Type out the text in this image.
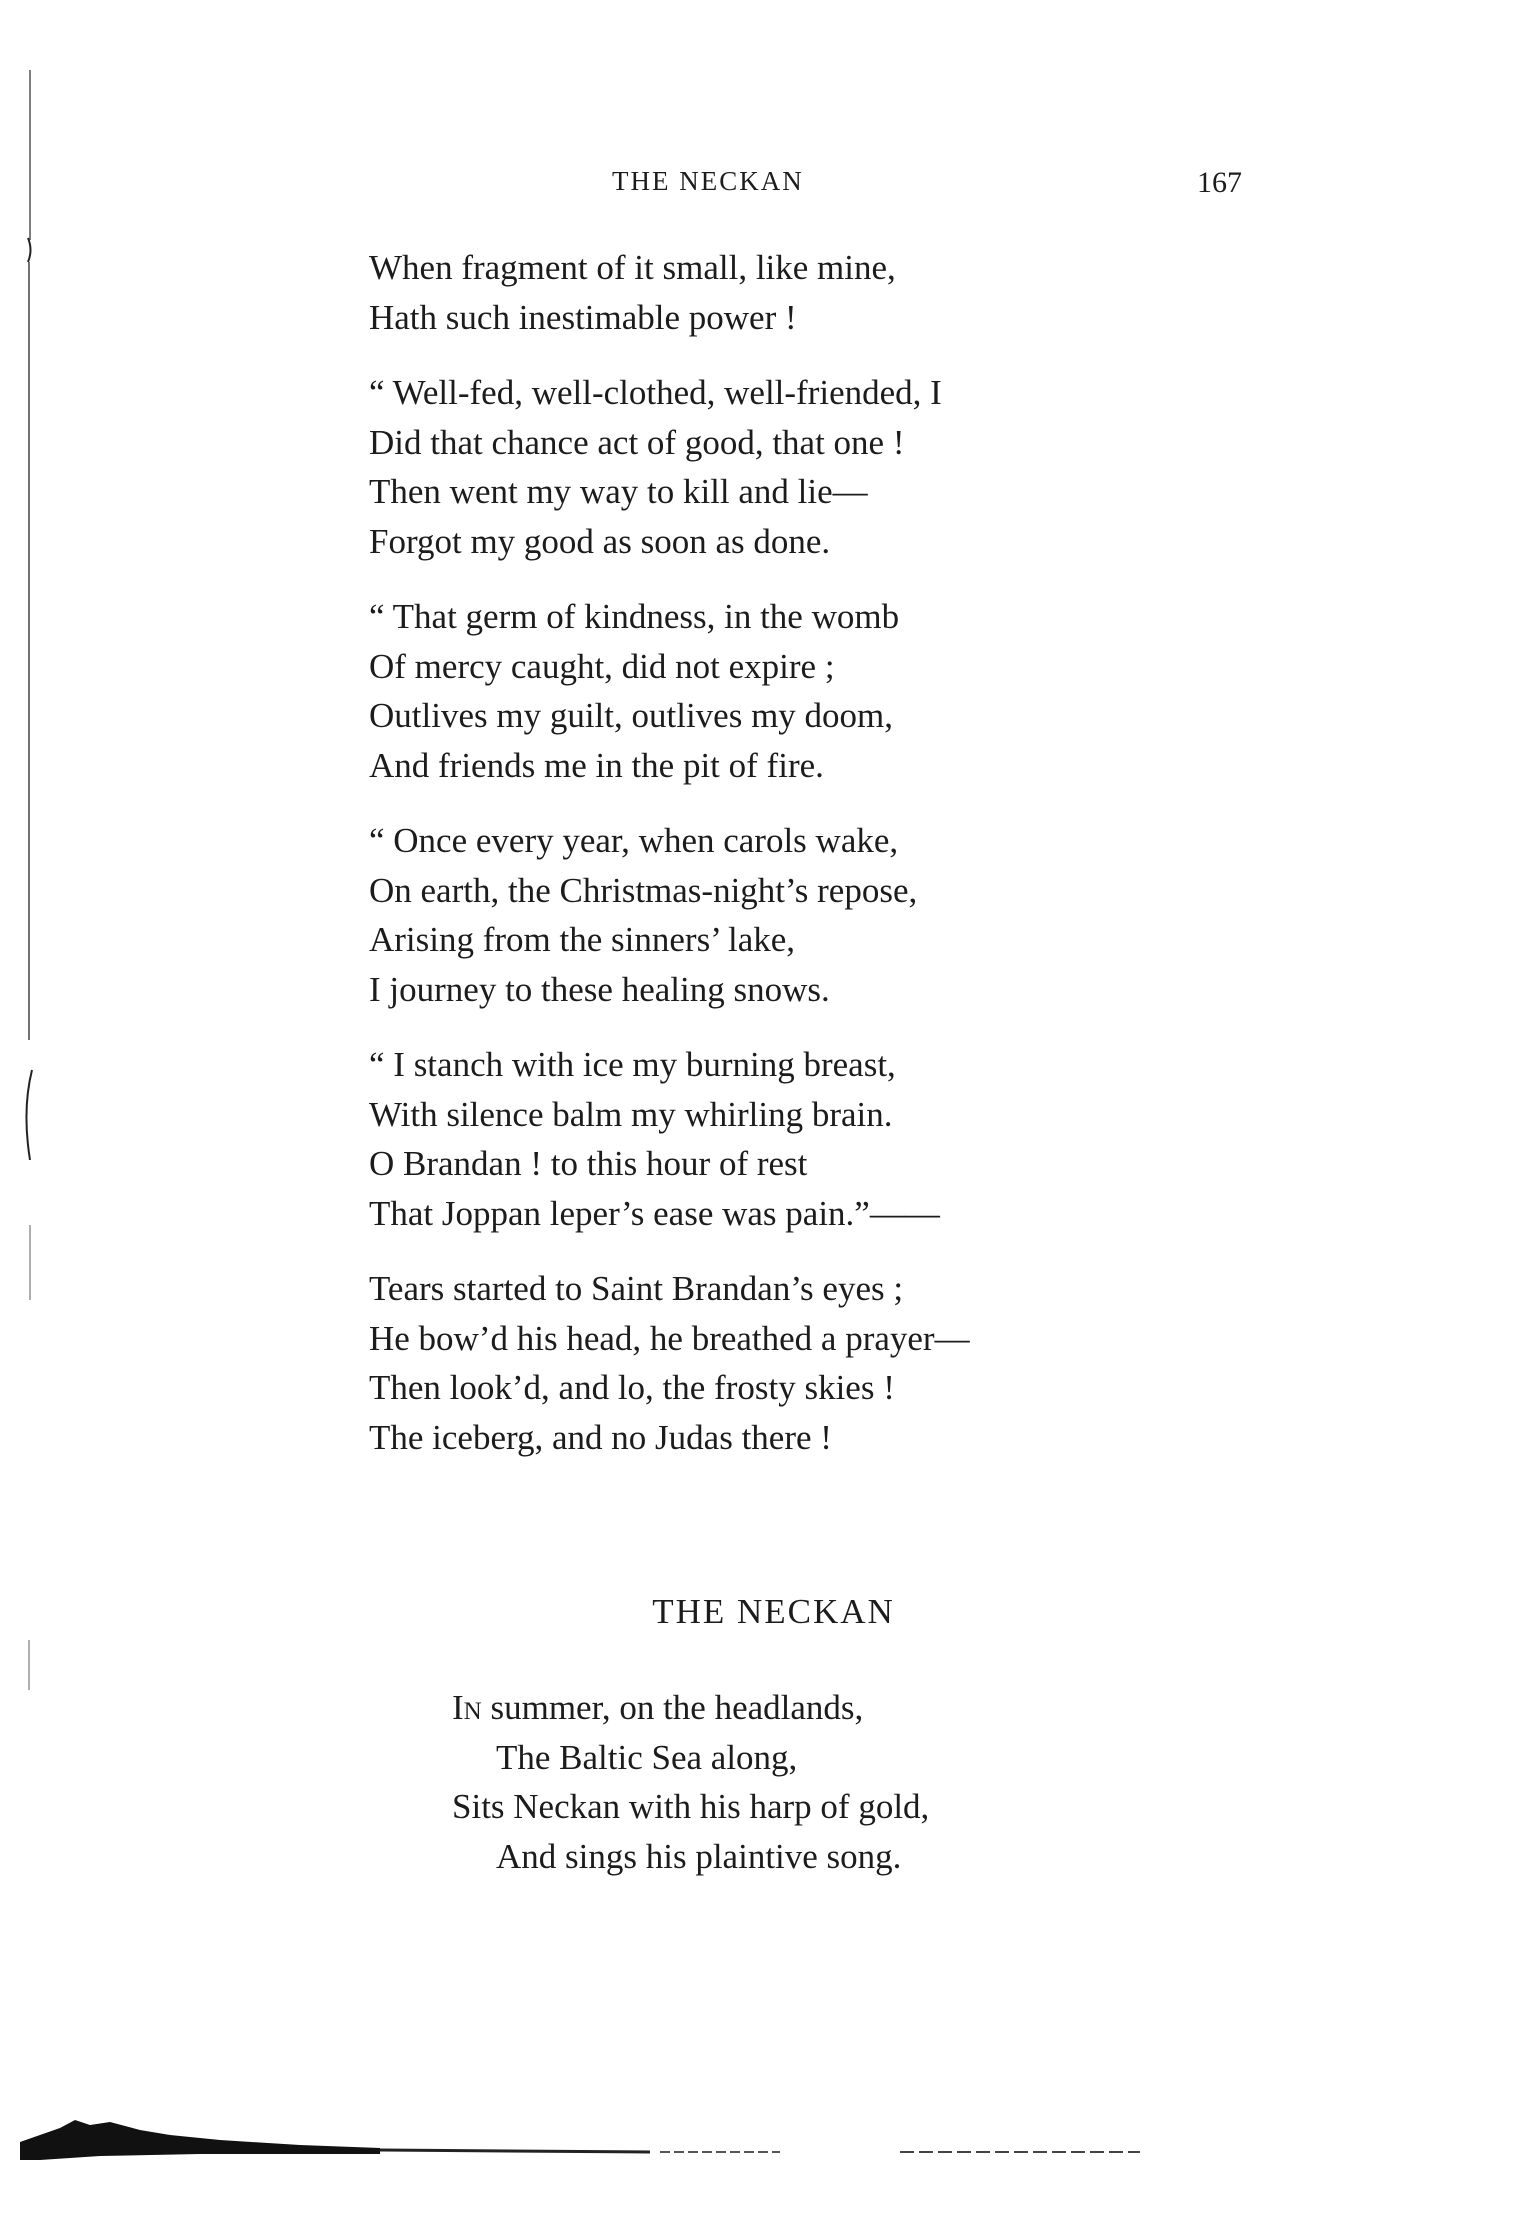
THE NECKAN	167
When fragment of it small, like mine,
Hath such inestimable power !
“ Well-fed, well-clothed, well-friended, I
Did that chance act of good, that one !
Then went my way to kill and lie—
Forgot my good as soon as done.
“ That germ of kindness, in the womb
Of mercy caught, did not expire ;
Outlives my guilt, outlives my doom,
And friends me in the pit of fire.
“ Once every year, when carols wake,
On earth, the Christmas-night’s repose,
Arising from the sinners’ lake,
I journey to these healing snows.
“ I stanch with ice my burning breast,
With silence balm my whirling brain.
O Brandan ! to this hour of rest
That Joppan leper’s ease was pain.”——
Tears started to Saint Brandan’s eyes ;
He bow’d his head, he breathed a prayer—
Then look’d, and lo, the frosty skies !
The iceberg, and no Judas there !
THE NECKAN
In summer, on the headlands,
The Baltic Sea along,
Sits Neckan with his harp of gold,
And sings his plaintive song.
